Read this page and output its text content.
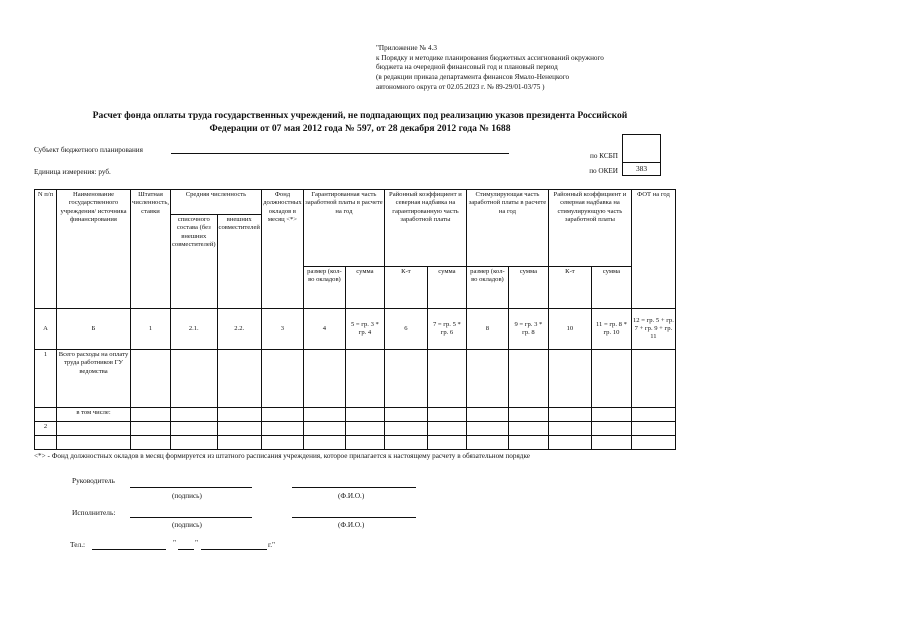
"Приложение № 4.3
к Порядку и методике планирования бюджетных ассигнований окружного
бюджета на очередной финансовый год и плановый период
(в редакции приказа департамента финансов Ямало-Ненецкого
автономного округа от 02.05.2023 г. № 89-29/01-03/75 )
Расчет фонда оплаты труда государственных учреждений, не подпадающих под реализацию указов президента Российской
Федерации от 07 мая 2012 года № 597, от 28 декабря 2012 года № 1688
Субъект бюджетного планирования
Единица измерения: руб.
по КСБП
по ОКЕИ	383
N п/п	Наименование государственного учреждения/ источника финансирования	Штатная численность, ставки	Средняя численность		Фонд должностных окладов в месяц <*>	Гарантированная часть заработной платы в расчете на год		Районный коэффициент и северная надбавка на гарантированную часть заработной платы		Стимулирующая часть заработной платы в расчете на год		Районный коэффициент и северная надбавка на стимулирующую часть заработной платы		ФОТ на год
			списочного состава (без внешних совместителей)	внешних совместителей										
						размер (кол-во окладов)	сумма	К-т	сумма	размер (кол-во окладов)	сумма	К-т	сумма	
А	Б	1	2.1.	2.2.	3	4	5 = гр. 3 * гр. 4	6	7 = гр. 5 * гр. 6	8	9 = гр. 3 * гр. 8	10	11 = гр. 8 * гр. 10	12 = гр. 5 + гр. 7 + гр. 9 + гр. 11
1	Всего расходы на оплату труда работников ГУ ведомства													
	в том числе:													
2														

<*> - Фонд должностных окладов в месяц формируется из штатного расписания учреждения, которое прилагается к настоящему расчету в обязательном порядке
Руководитель
(подпись)	(Ф.И.О.)
Исполнитель:
(подпись)	(Ф.И.О.)
Тел.:	"	"	г."
